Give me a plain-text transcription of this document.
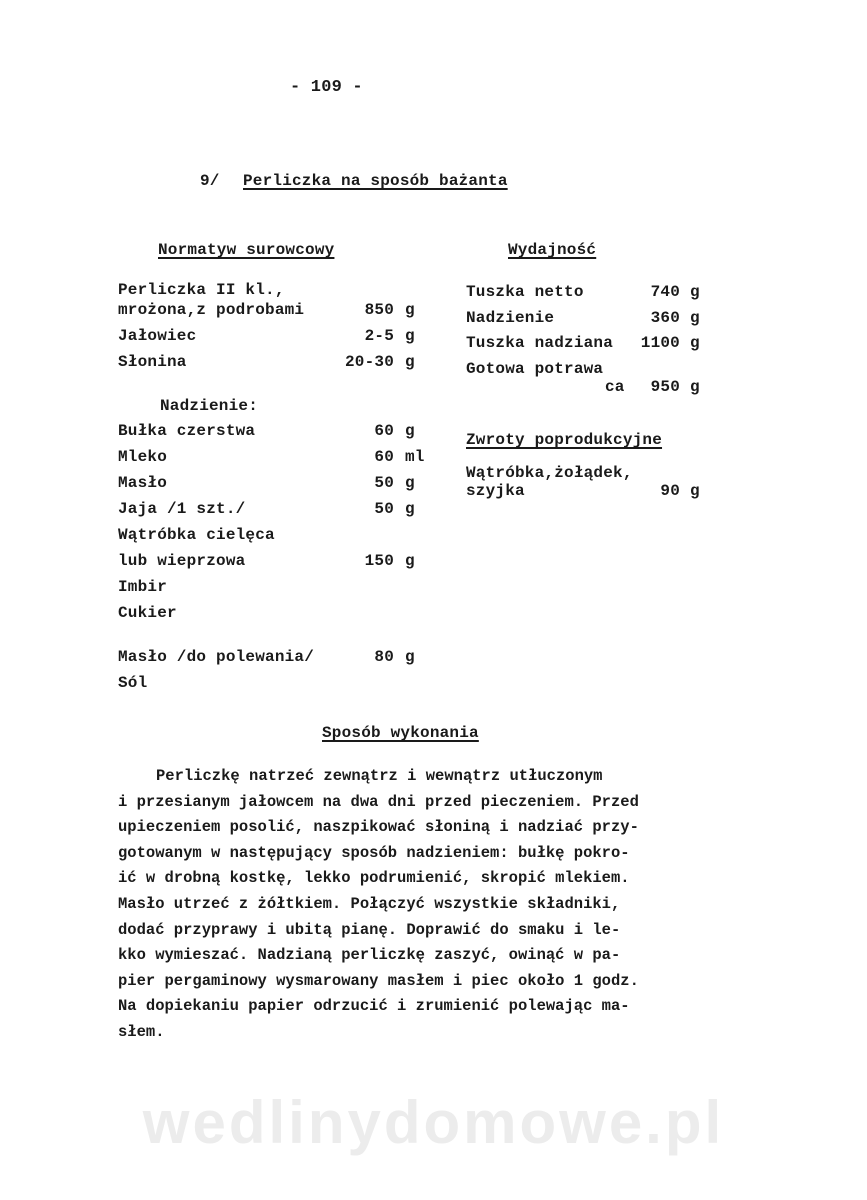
- 109 -
9/ Perliczka na sposób bażanta
Normatyw surowcowy
Perliczka II kl.,
mrożona,z podrobami	850 g
Jałowiec	2-5 g
Słonina	20-30 g
Nadzienie:
Bułka czerstwa	60 g
Mleko	60 ml
Masło	50 g
Jaja /1 szt./	50 g
Wątróbka cielęca
lub wieprzowa	150 g
Imbir
Cukier
Masło /do polewania/	80 g
Sól
Wydajność
Tuszka netto	740 g
Nadzienie	360 g
Tuszka nadziana	1100 g
Gotowa potrawa
ca	950 g
Zwroty poprodukcyjne
Wątróbka,żołądek,
szyjka	90 g
Sposób wykonania
Perliczkę natrzeć zewnątrz i wewnątrz utłuczonym
i przesianym jałowcem na dwa dni przed pieczeniem. Przed
upieczeniem posolić, naszpikować słoniną i nadziać przy-
gotowanym w następujący sposób nadzieniem: bułkę pokro-
ić w drobną kostkę, lekko podrumienić, skropić mlekiem.
Masło utrzeć z żółtkiem. Połączyć wszystkie składniki,
dodać przyprawy i ubitą pianę. Doprawić do smaku i le-
kko wymieszać. Nadzianą perliczkę zaszyć, owinąć w pa-
pier pergaminowy wysmarowany masłem i piec około 1 godz.
Na dopiekaniu papier odrzucić i zrumienić polewając ma-
słem.
wedlinydomowe.pl
